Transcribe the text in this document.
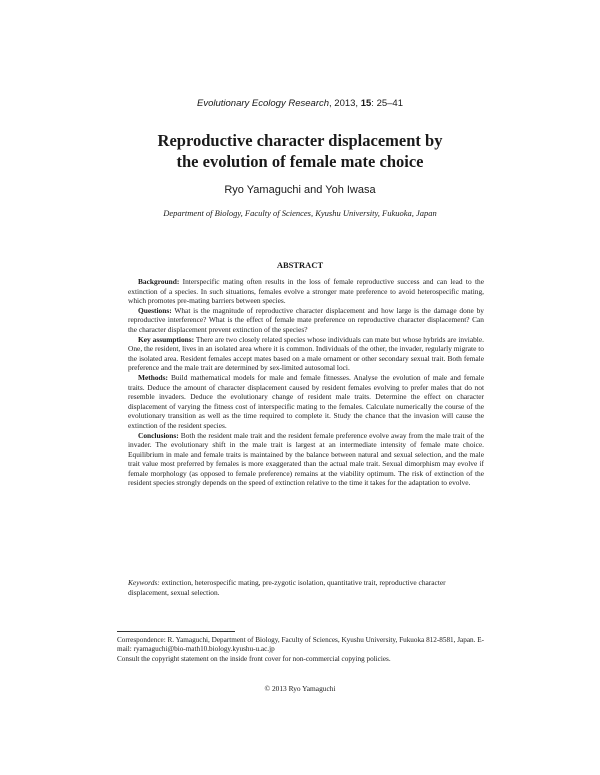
Evolutionary Ecology Research, 2013, 15: 25–41
Reproductive character displacement by
the evolution of female mate choice
Ryo Yamaguchi and Yoh Iwasa
Department of Biology, Faculty of Sciences, Kyushu University, Fukuoka, Japan
ABSTRACT

Background: Interspecific mating often results in the loss of female reproductive success and can lead to the extinction of a species. In such situations, females evolve a stronger mate preference to avoid heterospecific mating, which promotes pre-mating barriers between species.

Questions: What is the magnitude of reproductive character displacement and how large is the damage done by reproductive interference? What is the effect of female mate preference on reproductive character displacement? Can the character displacement prevent extinction of the species?

Key assumptions: There are two closely related species whose individuals can mate but whose hybrids are inviable. One, the resident, lives in an isolated area where it is common. Individuals of the other, the invader, regularly migrate to the isolated area. Resident females accept mates based on a male ornament or other secondary sexual trait. Both female preference and the male trait are determined by sex-limited autosomal loci.

Methods: Build mathematical models for male and female fitnesses. Analyse the evolution of male and female traits. Deduce the amount of character displacement caused by resident females evolving to prefer males that do not resemble invaders. Deduce the evolutionary change of resident male traits. Determine the effect on character displacement of varying the fitness cost of interspecific mating to the females. Calculate numerically the course of the evolutionary transition as well as the time required to complete it. Study the chance that the invasion will cause the extinction of the resident species.

Conclusions: Both the resident male trait and the resident female preference evolve away from the male trait of the invader. The evolutionary shift in the male trait is largest at an intermediate intensity of female mate choice. Equilibrium in male and female traits is maintained by the balance between natural and sexual selection, and the male trait value most preferred by females is more exaggerated than the actual male trait. Sexual dimorphism may evolve if female morphology (as opposed to female preference) remains at the viability optimum. The risk of extinction of the resident species strongly depends on the speed of extinction relative to the time it takes for the adaptation to evolve.

Keywords: extinction, heterospecific mating, pre-zygotic isolation, quantitative trait, reproductive character displacement, sexual selection.

Correspondence: R. Yamaguchi, Department of Biology, Faculty of Sciences, Kyushu University, Fukuoka 812-8581, Japan. E-mail: ryamaguchi@bio-math10.biology.kyushu-u.ac.jp

Consult the copyright statement on the inside front cover for non-commercial copying policies.

© 2013 Ryo Yamaguchi
